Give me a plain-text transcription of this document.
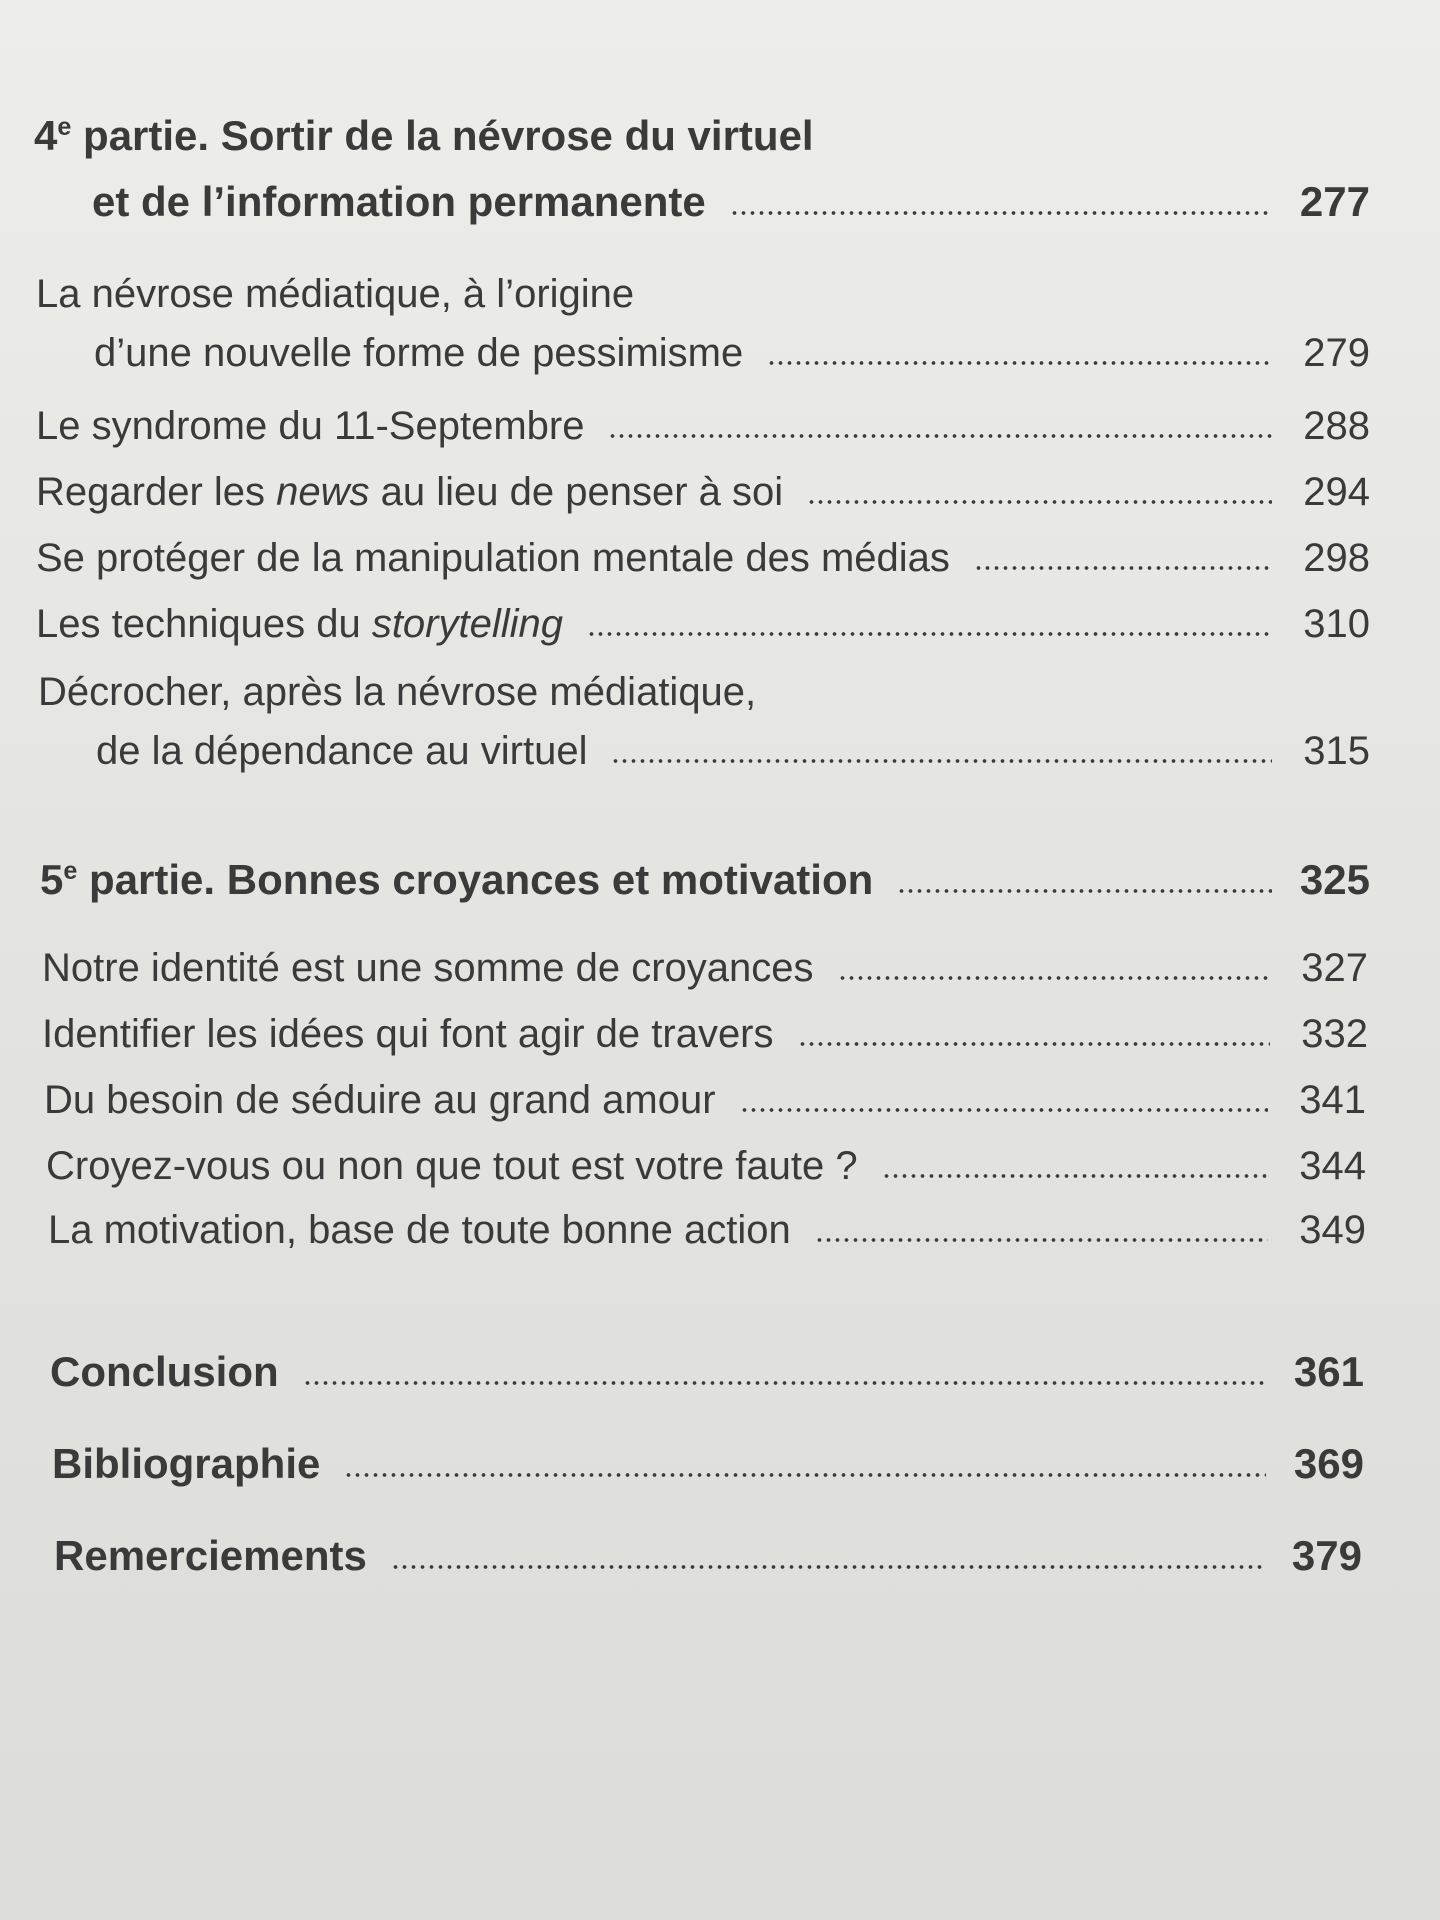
4e partie. Sortir de la névrose du virtuel
et de l’information permanente	277
La névrose médiatique, à l’origine
d’une nouvelle forme de pessimisme	279
Le syndrome du 11-Septembre	288
Regarder les news au lieu de penser à soi	294
Se protéger de la manipulation mentale des médias	298
Les techniques du storytelling	310
Décrocher, après la névrose médiatique,
de la dépendance au virtuel	315
5e partie. Bonnes croyances et motivation	325
Notre identité est une somme de croyances	327
Identifier les idées qui font agir de travers	332
Du besoin de séduire au grand amour	341
Croyez-vous ou non que tout est votre faute ?	344
La motivation, base de toute bonne action	349
Conclusion	361
Bibliographie	369
Remerciements	379
